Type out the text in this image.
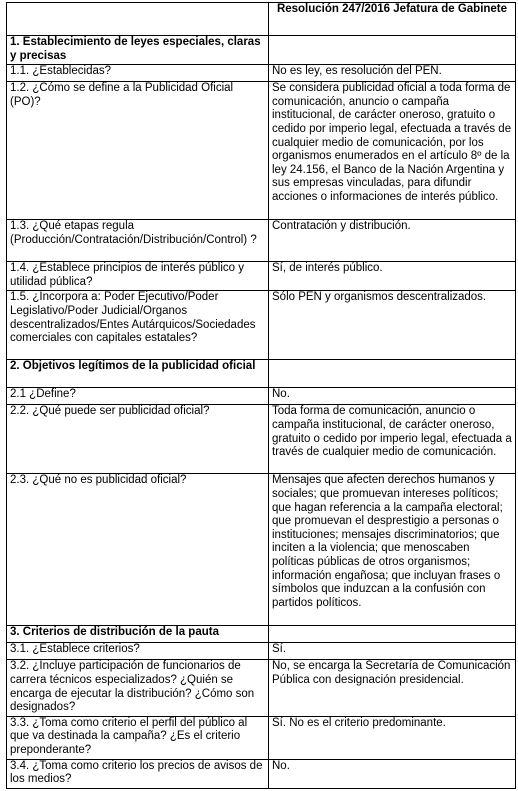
	Resolución 247/2016 Jefatura de Gabinete
1. Establecimiento de leyes especiales, claras y precisas	
1.1. ¿Establecidas?	No es ley, es resolución del PEN.
1.2. ¿Cómo se define a la Publicidad Oficial (PO)?	Se considera publicidad oficial a toda forma de comunicación, anuncio o campaña institucional, de carácter oneroso, gratuito o cedido por imperio legal, efectuada a través de cualquier medio de comunicación, por los organismos enumerados en el artículo 8º de la ley 24.156, el Banco de la Nación Argentina y sus empresas vinculadas, para difundir acciones o informaciones de interés público.
1.3. ¿Qué etapas regula (Producción/Contratación/Distribución/Control) ?	Contratación y distribución.
1.4. ¿Establece principios de interés público y utilidad pública?	Sí, de interés público.
1.5. ¿Incorpora a: Poder Ejecutivo/Poder Legislativo/Poder Judicial/Organos descentralizados/Entes Autárquicos/Sociedades comerciales con capitales estatales?	Sólo PEN y organismos descentralizados.
2. Objetivos legítimos de la publicidad oficial	
2.1 ¿Define?	No.
2.2. ¿Qué puede ser publicidad oficial?	Toda forma de comunicación, anuncio o campaña institucional, de carácter oneroso, gratuito o cedido por imperio legal, efectuada a través de cualquier medio de comunicación.
2.3. ¿Qué no es publicidad oficial?	Mensajes que afecten derechos humanos y sociales; que promuevan intereses políticos; que hagan referencia a la campaña electoral; que promuevan el desprestigio a personas o instituciones; mensajes discriminatorios; que inciten a la violencia; que menoscaben políticas públicas de otros organismos; información engañosa; que incluyan frases o símbolos que induzcan a la confusión con partidos políticos.
3. Criterios de distribución de la pauta	
3.1. ¿Establece criterios?	Sí.
3.2. ¿Incluye participación de funcionarios de carrera técnicos especializados? ¿Quién se encarga de ejecutar la distribución? ¿Cómo son designados?	No, se encarga la Secretaría de Comunicación Pública con designación presidencial.
3.3. ¿Toma como criterio el perfil del público al que va destinada la campaña? ¿Es el criterio preponderante?	Sí. No es el criterio predominante.
3.4. ¿Toma como criterio los precios de avisos de los medios?	No.
